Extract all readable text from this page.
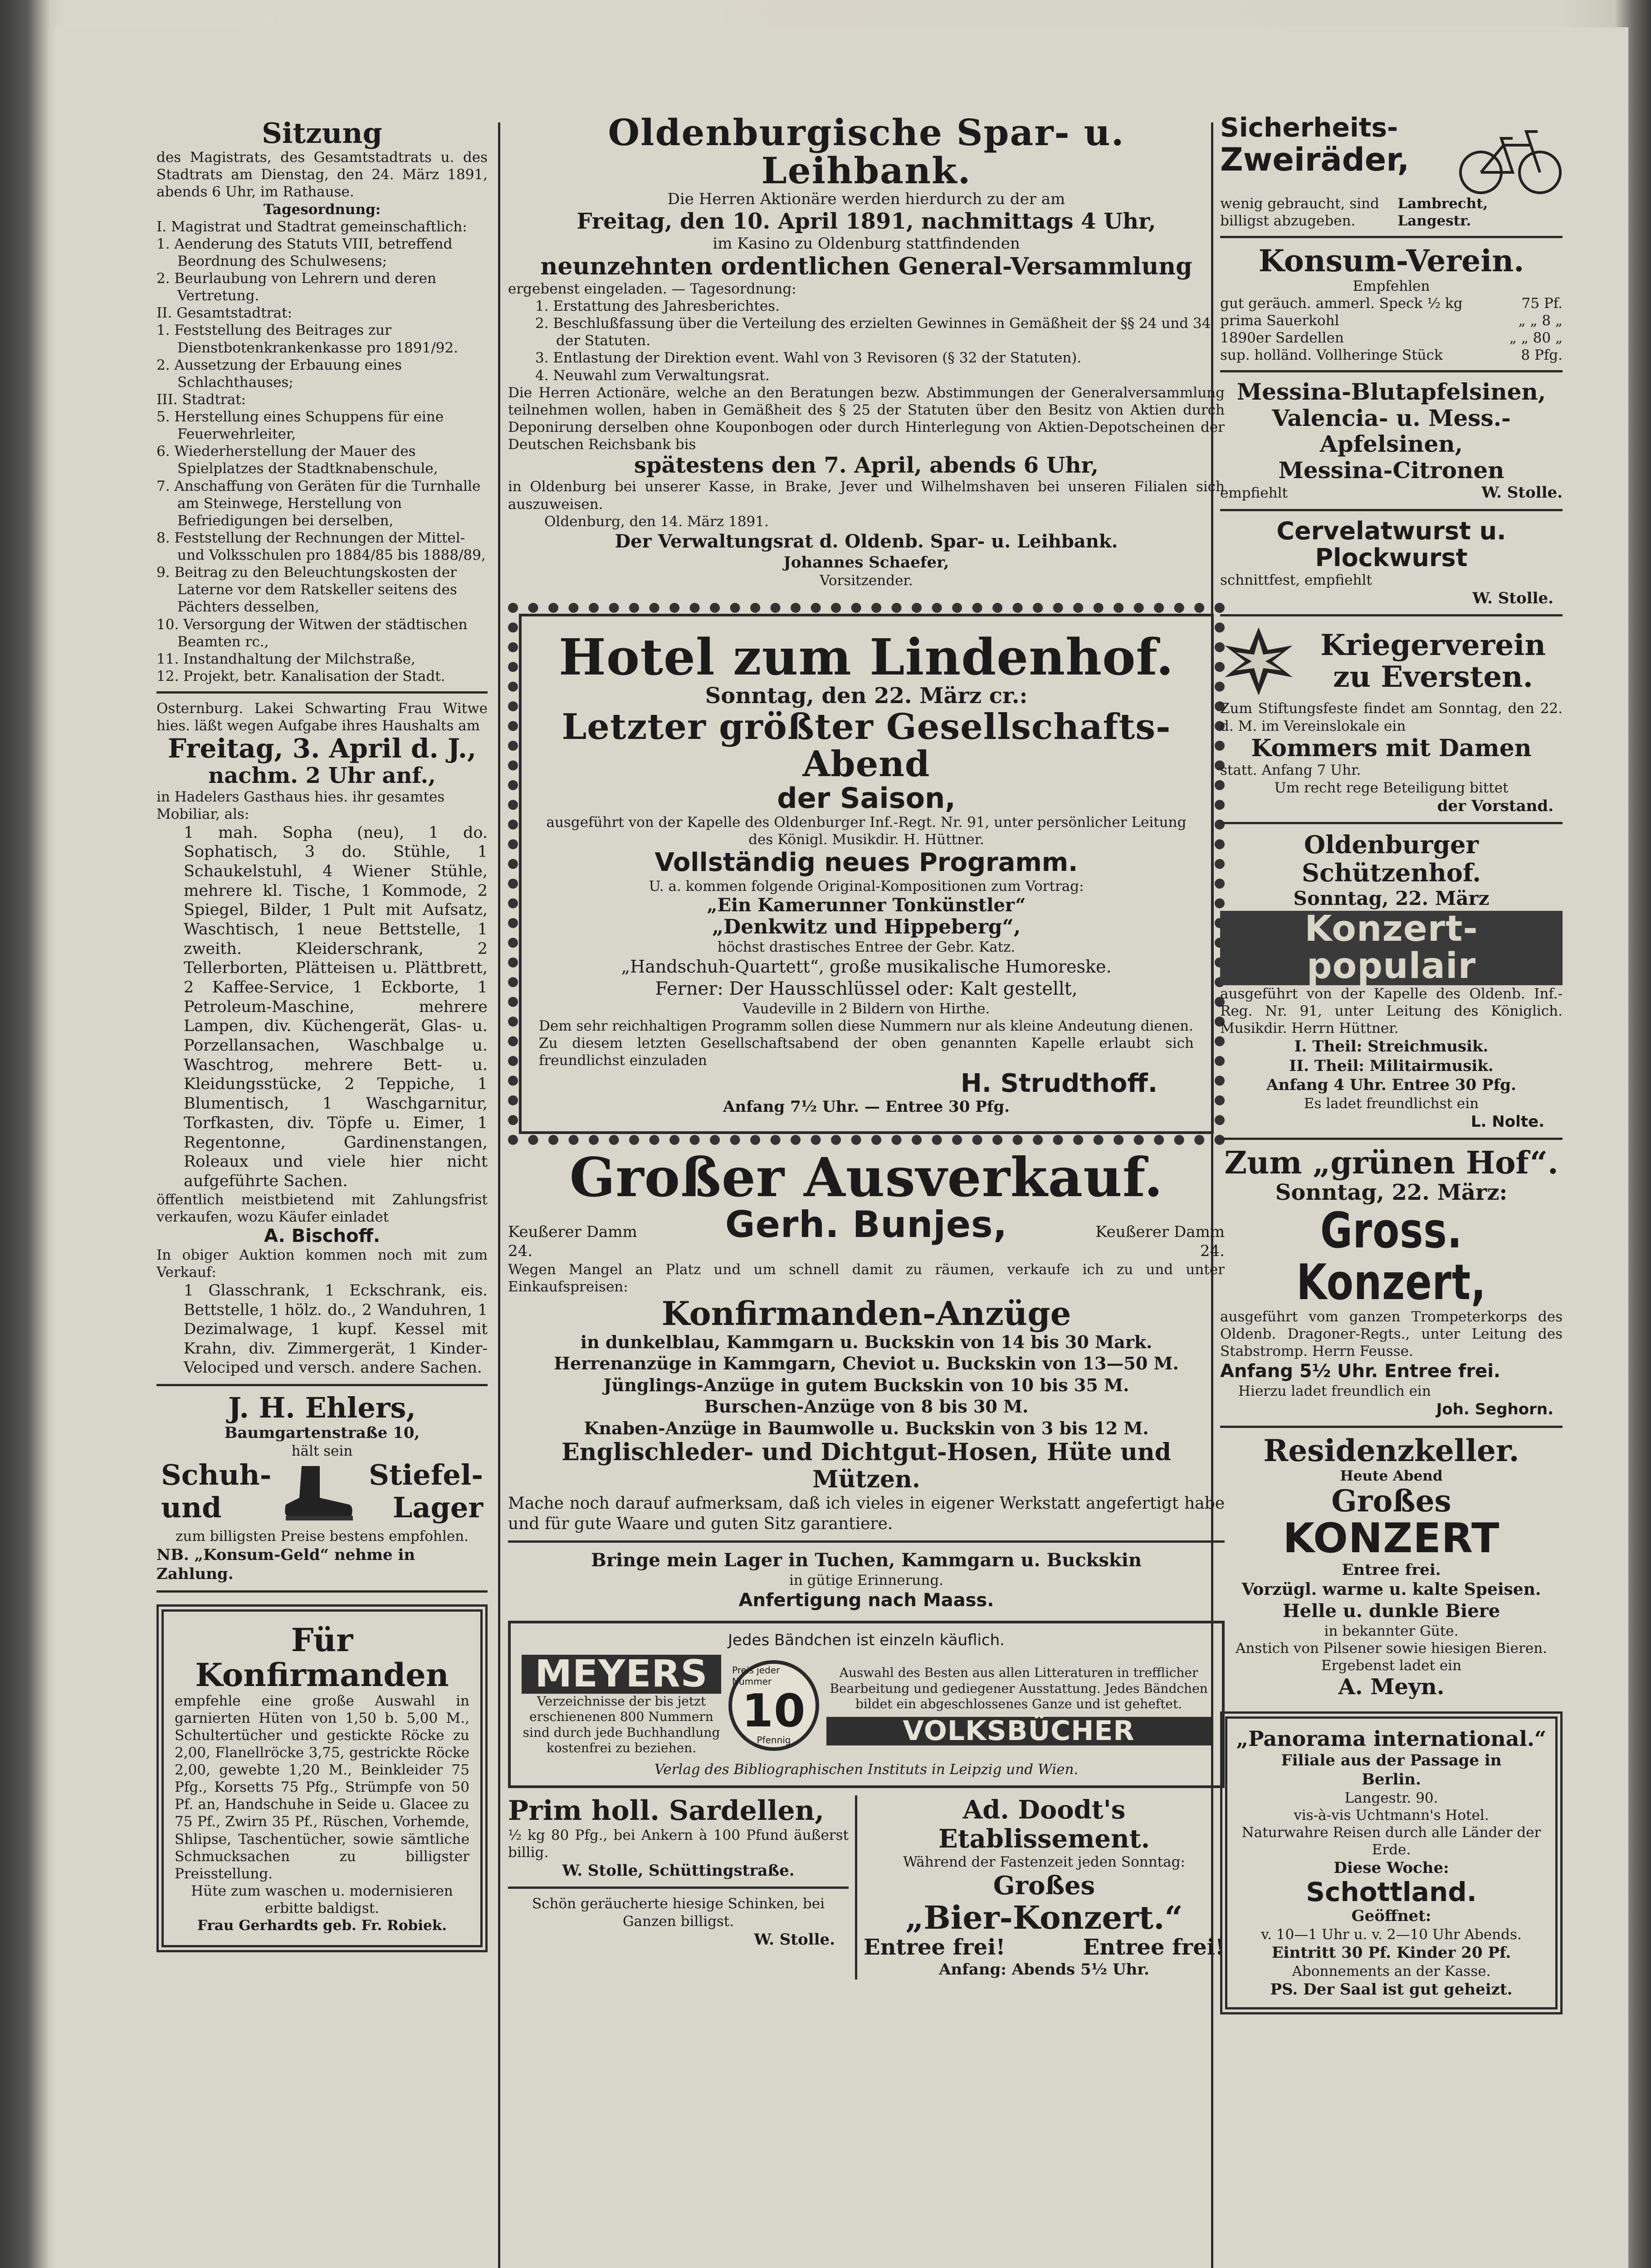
Sitzung
des Magistrats, des Gesamtstadtrats u. des Stadtrats am Dienstag, den 24. März 1891, abends 6 Uhr, im Rathause.
Tagesordnung:
I. Magistrat und Stadtrat gemeinschaftlich:
1. Aenderung des Statuts VIII, betreffend Beordnung des Schulwesens;
2. Beurlaubung von Lehrern und deren Vertretung.
II. Gesamtstadtrat:
1. Feststellung des Beitrages zur Dienstbotenkrankenkasse pro 1891/92.
2. Aussetzung der Erbauung eines Schlachthauses;
III. Stadtrat:
5. Herstellung eines Schuppens für eine Feuerwehrleiter,
6. Wiederherstellung der Mauer des Spielplatzes der Stadtknabenschule,
7. Anschaffung von Geräten für die Turnhalle am Steinwege, Herstellung von Befriedigungen bei derselben,
8. Feststellung der Rechnungen der Mittel- und Volksschulen pro 1884/85 bis 1888/89,
9. Beitrag zu den Beleuchtungskosten der Laterne vor dem Ratskeller seitens des Pächters desselben,
10. Versorgung der Witwen der städtischen Beamten rc.,
11. Instandhaltung der Milchstraße,
12. Projekt, betr. Kanalisation der Stadt.
Osternburg. Lakei Schwarting Frau Witwe hies. läßt wegen Aufgabe ihres Haushalts am
Freitag, 3. April d. J.,
nachm. 2 Uhr anf.,
in Hadelers Gasthaus hies. ihr gesamtes Mobiliar, als:
1 mah. Sopha (neu), 1 do. Sophatisch, 3 do. Stühle, 1 Schaukelstuhl, 4 Wiener Stühle, mehrere kl. Tische, 1 Kommode, 2 Spiegel, Bilder, 1 Pult mit Aufsatz, Waschtisch, 1 neue Bettstelle, 1 zweith. Kleiderschrank, 2 Tellerborten, Plätteisen u. Plättbrett, 2 Kaffee-Service, 1 Eckborte, 1 Petroleum-Maschine, mehrere Lampen, div. Küchengerät, Glas- u. Porzellansachen, Waschbalge u. Waschtrog, mehrere Bett- u. Kleidungsstücke, 2 Teppiche, 1 Blumentisch, 1 Waschgarnitur, Torfkasten, div. Töpfe u. Eimer, 1 Regentonne, Gardinenstangen, Roleaux und viele hier nicht aufgeführte Sachen.
öffentlich meistbietend mit Zahlungsfrist verkaufen, wozu Käufer einladet
A. Bischoff.
In obiger Auktion kommen noch mit zum Verkauf:
1 Glasschrank, 1 Eckschrank, eis. Bettstelle, 1 hölz. do., 2 Wanduhren, 1 Dezimalwage, 1 kupf. Kessel mit Krahn, div. Zimmergerät, 1 Kinder-Velociped und versch. andere Sachen.
J. H. Ehlers,
Baumgartenstraße 10,
hält sein
Schuh-	Stiefel-
und	Lager
zum billigsten Preise bestens empfohlen.
NB. „Konsum-Geld“ nehme in Zahlung.
Für Konfirmanden
empfehle eine große Auswahl in garnierten Hüten von 1,50 b. 5,00 M., Schultertücher und gestickte Röcke zu 2,00, Flanellröcke 3,75, gestrickte Röcke 2,00, gewebte 1,20 M., Beinkleider 75 Pfg., Korsetts 75 Pfg., Strümpfe von 50 Pf. an, Handschuhe in Seide u. Glacee zu 75 Pf., Zwirn 35 Pf., Rüschen, Vorhemde, Shlipse, Taschentücher, sowie sämtliche Schmucksachen zu billigster Preisstellung.
Hüte zum waschen u. modernisieren erbitte baldigst.
Frau Gerhardts geb. Fr. Robiek.
Oldenburgische Spar- u. Leihbank.
Die Herren Aktionäre werden hierdurch zu der am
Freitag, den 10. April 1891, nachmittags 4 Uhr,
im Kasino zu Oldenburg stattfindenden
neunzehnten ordentlichen General-Versammlung
ergebenst eingeladen. — Tagesordnung:
1. Erstattung des Jahresberichtes.
2. Beschlußfassung über die Verteilung des erzielten Gewinnes in Gemäßheit der §§ 24 und 34 der Statuten.
3. Entlastung der Direktion event. Wahl von 3 Revisoren (§ 32 der Statuten).
4. Neuwahl zum Verwaltungsrat.
Die Herren Actionäre, welche an den Beratungen bezw. Abstimmungen der Generalversammlung teilnehmen wollen, haben in Gemäßheit des § 25 der Statuten über den Besitz von Aktien durch Deponirung derselben ohne Kouponbogen oder durch Hinterlegung von Aktien-Depotscheinen der Deutschen Reichsbank bis
spätestens den 7. April, abends 6 Uhr,
in Oldenburg bei unserer Kasse, in Brake, Jever und Wilhelmshaven bei unseren Filialen sich auszuweisen.
Oldenburg, den 14. März 1891.
Der Verwaltungsrat d. Oldenb. Spar- u. Leihbank.
Johannes Schaefer,
Vorsitzender.
Hotel zum Lindenhof.
Sonntag, den 22. März cr.:
Letzter größter Gesellschafts-Abend
der Saison,
ausgeführt von der Kapelle des Oldenburger Inf.-Regt. Nr. 91, unter persönlicher Leitung des Königl. Musikdir. H. Hüttner.
Vollständig neues Programm.
U. a. kommen folgende Original-Kompositionen zum Vortrag:
„Ein Kamerunner Tonkünstler“
„Denkwitz und Hippeberg“,
höchst drastisches Entree der Gebr. Katz.
„Handschuh-Quartett“, große musikalische Humoreske.
Ferner: Der Hausschlüssel oder: Kalt gestellt,
Vaudeville in 2 Bildern von Hirthe.
Dem sehr reichhaltigen Programm sollen diese Nummern nur als kleine Andeutung dienen.
Zu diesem letzten Gesellschaftsabend der oben genannten Kapelle erlaubt sich freundlichst einzuladen
H. Strudthoff.
Anfang 7½ Uhr. — Entree 30 Pfg.
Großer Ausverkauf.
Keußerer Damm 24.
Gerh. Bunjes,	Keußerer Damm 24.
Wegen Mangel an Platz und um schnell damit zu räumen, verkaufe ich zu und unter Einkaufspreisen:
Konfirmanden-Anzüge
in dunkelblau, Kammgarn u. Buckskin von 14 bis 30 Mark.
Herrenanzüge in Kammgarn, Cheviot u. Buckskin von 13—50 M.
Jünglings-Anzüge in gutem Buckskin von 10 bis 35 M.
Burschen-Anzüge von 8 bis 30 M.
Knaben-Anzüge in Baumwolle u. Buckskin von 3 bis 12 M.
Englischleder- und Dichtgut-Hosen, Hüte und Mützen.
Mache noch darauf aufmerksam, daß ich vieles in eigener Werkstatt angefertigt habe und für gute Waare und guten Sitz garantiere.
Bringe mein Lager in Tuchen, Kammgarn u. Buckskin
in gütige Erinnerung.
Anfertigung nach Maass.
Jedes Bändchen ist einzeln käuflich.
MEYERS
Verzeichnisse der bis jetzt erschienenen 800 Nummern sind durch jede Buchhandlung kostenfrei zu beziehen.
Preis jeder Nummer
10
Pfennig
Auswahl des Besten aus allen Litteraturen in trefflicher Bearbeitung und gediegener Ausstattung. Jedes Bändchen bildet ein abgeschlossenes Ganze und ist geheftet.
VOLKSBÜCHER
Verlag des Bibliographischen Instituts in Leipzig und Wien.
Prim holl. Sardellen,
½ kg 80 Pfg., bei Ankern à 100 Pfund äußerst billig.
W. Stolle, Schüttingstraße.
Schön geräucherte hiesige Schinken, bei Ganzen billigst.
W. Stolle.
Ad. Doodt's Etablissement.
Während der Fastenzeit jeden Sonntag:
Großes
„Bier-Konzert.“
Entree frei!	Entree frei!
Anfang: Abends 5½ Uhr.
Sicherheits-
Zweiräder,
wenig gebraucht, sind billigst abzugeben.
Lambrecht, Langestr.
Konsum-Verein.
Empfehlen
gut geräuch. ammerl. Speck ½ kg	75 Pf.
prima Sauerkohl	„ „ 8 „
1890er Sardellen	„ „ 80 „
sup. holländ. Vollheringe Stück	8 Pfg.
Messina-Blutapfelsinen,
Valencia- u. Mess.-Apfelsinen,
Messina-Citronen
empfiehlt	W. Stolle.
Cervelatwurst u. Plockwurst
schnittfest, empfiehlt
W. Stolle.
Kriegerverein
zu Eversten.
Zum Stiftungsfeste findet am Sonntag, den 22. d. M. im Vereinslokale ein
Kommers mit Damen
statt. Anfang 7 Uhr.
Um recht rege Beteiligung bittet
der Vorstand.
Oldenburger Schützenhof.
Sonntag, 22. März
Konzert-populair
ausgeführt von der Kapelle des Oldenb. Inf.-Reg. Nr. 91, unter Leitung des Königlich. Musikdir. Herrn Hüttner.
I. Theil: Streichmusik.
II. Theil: Militairmusik.
Anfang 4 Uhr. Entree 30 Pfg.
Es ladet freundlichst ein
L. Nolte.
Zum „grünen Hof“.
Sonntag, 22. März:
Gross. Konzert,
ausgeführt vom ganzen Trompeterkorps des Oldenb. Dragoner-Regts., unter Leitung des Stabstromp. Herrn Feusse.
Anfang 5½ Uhr. Entree frei.
Hierzu ladet freundlich ein
Joh. Seghorn.
Residenzkeller.
Heute Abend
Großes
KONZERT
Entree frei.
Vorzügl. warme u. kalte Speisen.
Helle u. dunkle Biere
in bekannter Güte.
Anstich von Pilsener sowie hiesigen Bieren.
Ergebenst ladet ein
A. Meyn.
„Panorama international.“
Filiale aus der Passage in
Berlin.
Langestr. 90.
vis-à-vis Uchtmann's Hotel.
Naturwahre Reisen durch alle Länder der Erde.
Diese Woche:
Schottland.
Geöffnet:
v. 10—1 Uhr u. v. 2—10 Uhr Abends.
Eintritt 30 Pf. Kinder 20 Pf.
Abonnements an der Kasse.
PS. Der Saal ist gut geheizt.
